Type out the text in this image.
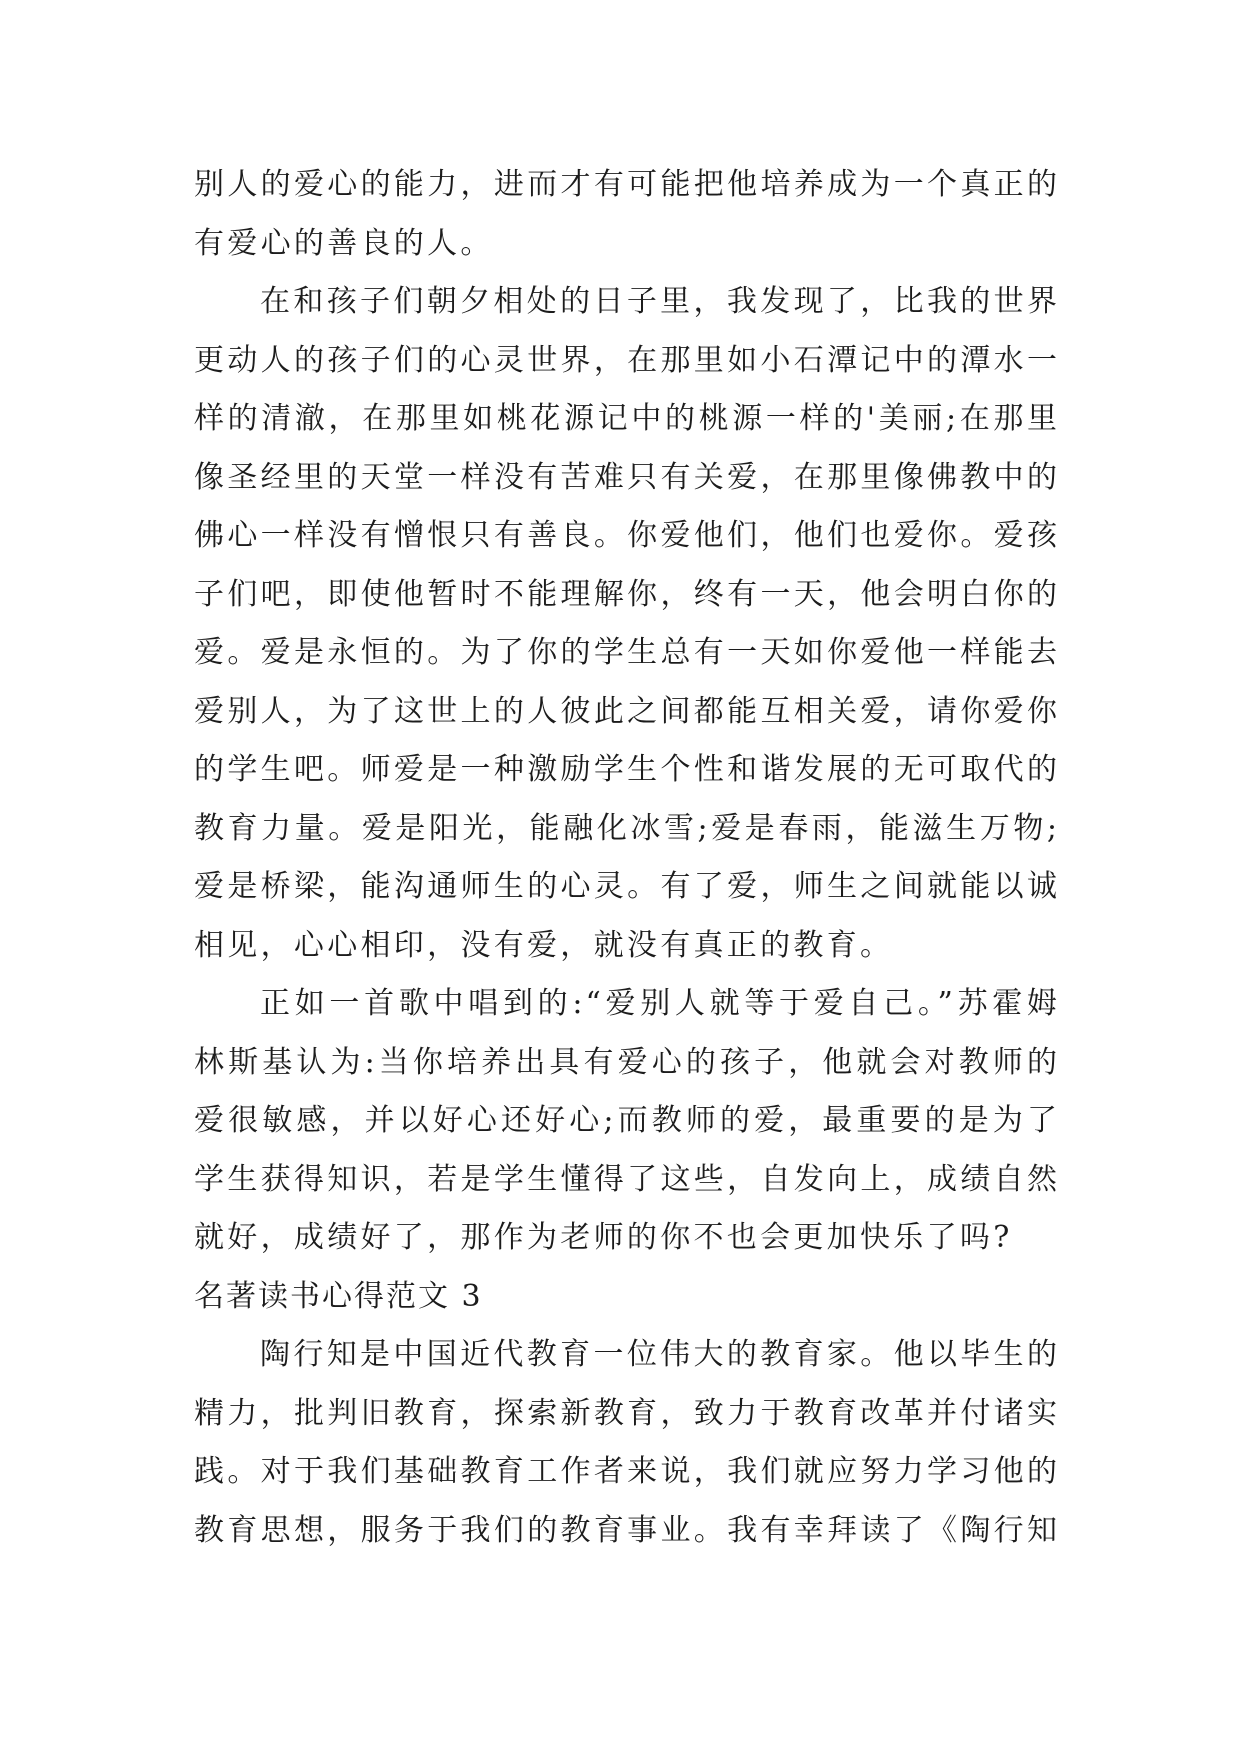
别人的爱心的能力，进而才有可能把他培养成为一个真正的
有爱心的善良的人。
在和孩子们朝夕相处的日子里，我发现了，比我的世界
更动人的孩子们的心灵世界，在那里如小石潭记中的潭水一
样的清澈，在那里如桃花源记中的桃源一样的'美丽;在那里
像圣经里的天堂一样没有苦难只有关爱，在那里像佛教中的
佛心一样没有憎恨只有善良。你爱他们，他们也爱你。爱孩
子们吧，即使他暂时不能理解你，终有一天，他会明白你的
爱。爱是永恒的。为了你的学生总有一天如你爱他一样能去
爱别人，为了这世上的人彼此之间都能互相关爱，请你爱你
的学生吧。师爱是一种激励学生个性和谐发展的无可取代的
教育力量。爱是阳光，能融化冰雪;爱是春雨，能滋生万物;
爱是桥梁，能沟通师生的心灵。有了爱，师生之间就能以诚
相见，心心相印，没有爱，就没有真正的教育。
正如一首歌中唱到的:“爱别人就等于爱自己。”苏霍姆
林斯基认为:当你培养出具有爱心的孩子，他就会对教师的
爱很敏感，并以好心还好心;而教师的爱，最重要的是为了
学生获得知识，若是学生懂得了这些，自发向上，成绩自然
就好，成绩好了，那作为老师的你不也会更加快乐了吗?
名著读书心得范文 3
陶行知是中国近代教育一位伟大的教育家。他以毕生的
精力，批判旧教育，探索新教育，致力于教育改革并付诸实
践。对于我们基础教育工作者来说，我们就应努力学习他的
教育思想，服务于我们的教育事业。我有幸拜读了《陶行知
